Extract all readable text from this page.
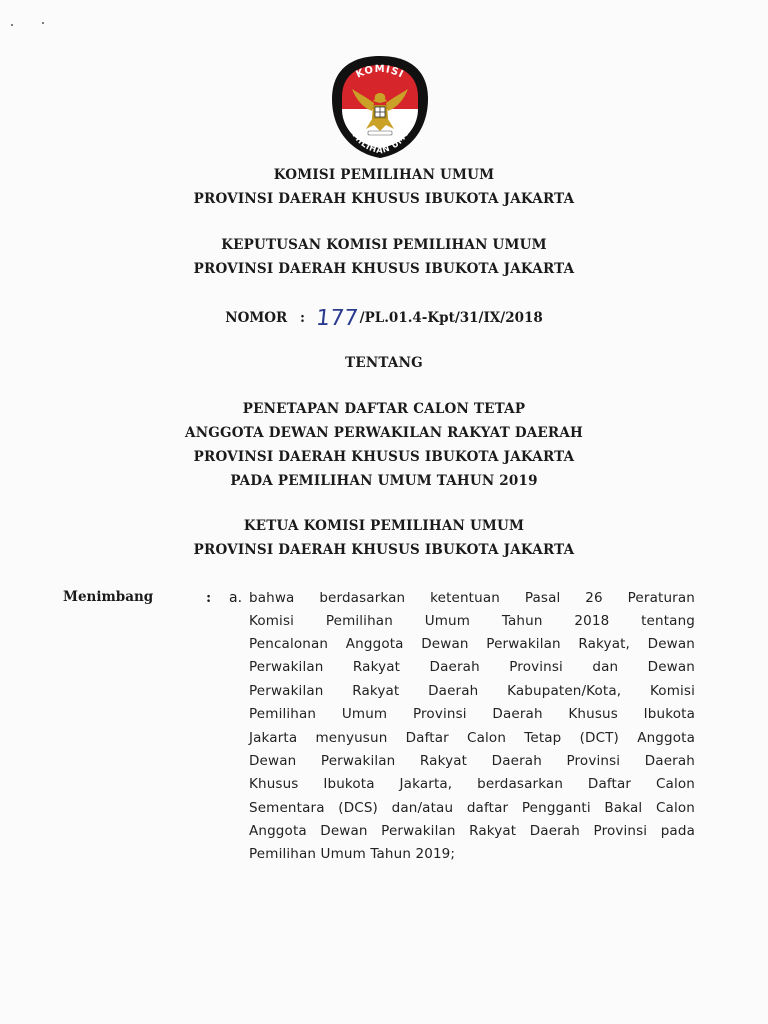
KOMISI
PEMILIHAN UMUM
KOMISI PEMILIHAN UMUM
PROVINSI DAERAH KHUSUS IBUKOTA JAKARTA
KEPUTUSAN KOMISI PEMILIHAN UMUM
PROVINSI DAERAH KHUSUS IBUKOTA JAKARTA
NOMOR : 177/PL.01.4-Kpt/31/IX/2018
TENTANG
PENETAPAN DAFTAR CALON TETAP
ANGGOTA DEWAN PERWAKILAN RAKYAT DAERAH
PROVINSI DAERAH KHUSUS IBUKOTA JAKARTA
PADA PEMILIHAN UMUM TAHUN 2019
KETUA KOMISI PEMILIHAN UMUM
PROVINSI DAERAH KHUSUS IBUKOTA JAKARTA
Menimbang	: a. bahwa berdasarkan ketentuan Pasal 26 Peraturan
Komisi Pemilihan Umum Tahun 2018 tentang
Pencalonan Anggota Dewan Perwakilan Rakyat, Dewan
Perwakilan Rakyat Daerah Provinsi dan Dewan
Perwakilan Rakyat Daerah Kabupaten/Kota, Komisi
Pemilihan Umum Provinsi Daerah Khusus Ibukota
Jakarta menyusun Daftar Calon Tetap (DCT) Anggota
Dewan Perwakilan Rakyat Daerah Provinsi Daerah
Khusus Ibukota Jakarta, berdasarkan Daftar Calon
Sementara (DCS) dan/atau daftar Pengganti Bakal Calon
Anggota Dewan Perwakilan Rakyat Daerah Provinsi pada
Pemilihan Umum Tahun 2019;
